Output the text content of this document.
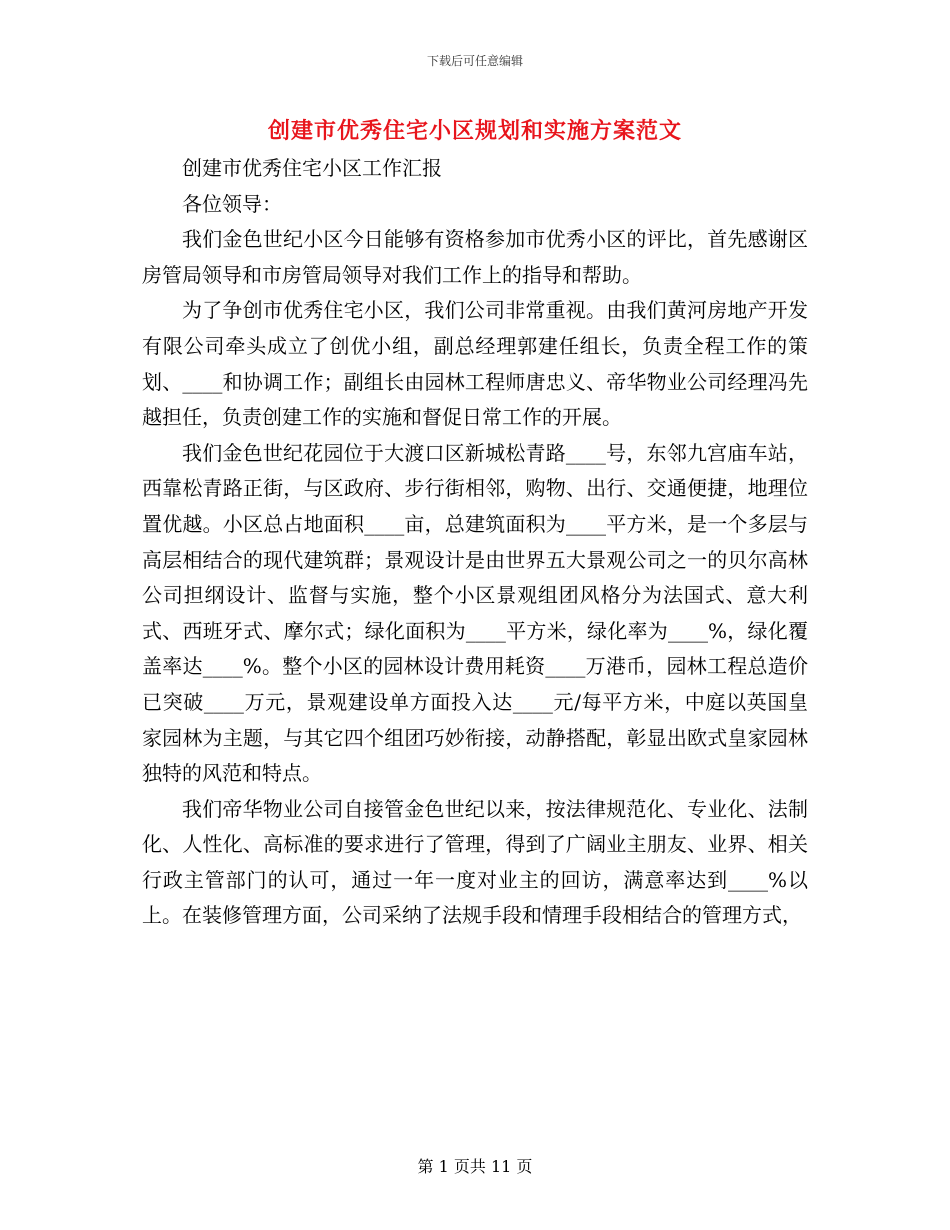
下载后可任意编辑
创建市优秀住宅小区规划和实施方案范文

创建市优秀住宅小区工作汇报

各位领导：

我们金色世纪小区今日能够有资格参加市优秀小区的评比，首先感谢区房管局领导和市房管局领导对我们工作上的指导和帮助。

为了争创市优秀住宅小区，我们公司非常重视。由我们黄河房地产开发有限公司牵头成立了创优小组，副总经理郭建任组长，负责全程工作的策划、____和协调工作；副组长由园林工程师唐忠义、帝华物业公司经理冯先越担任，负责创建工作的实施和督促日常工作的开展。

我们金色世纪花园位于大渡口区新城松青路____号，东邻九宫庙车站，西靠松青路正街，与区政府、步行街相邻，购物、出行、交通便捷，地理位置优越。小区总占地面积____亩，总建筑面积为____平方米，是一个多层与高层相结合的现代建筑群；景观设计是由世界五大景观公司之一的贝尔高林公司担纲设计、监督与实施，整个小区景观组团风格分为法国式、意大利式、西班牙式、摩尔式；绿化面积为____平方米，绿化率为____%，绿化覆盖率达____%。整个小区的园林设计费用耗资____万港币，园林工程总造价已突破____万元，景观建设单方面投入达____元/每平方米，中庭以英国皇家园林为主题，与其它四个组团巧妙衔接，动静搭配，彰显出欧式皇家园林独特的风范和特点。

我们帝华物业公司自接管金色世纪以来，按法律规范化、专业化、法制化、人性化、高标准的要求进行了管理，得到了广阔业主朋友、业界、相关行政主管部门的认可，通过一年一度对业主的回访，满意率达到____%以上。在装修管理方面，公司采纳了法规手段和情理手段相结合的管理方式，

第 1 页共 11 页
